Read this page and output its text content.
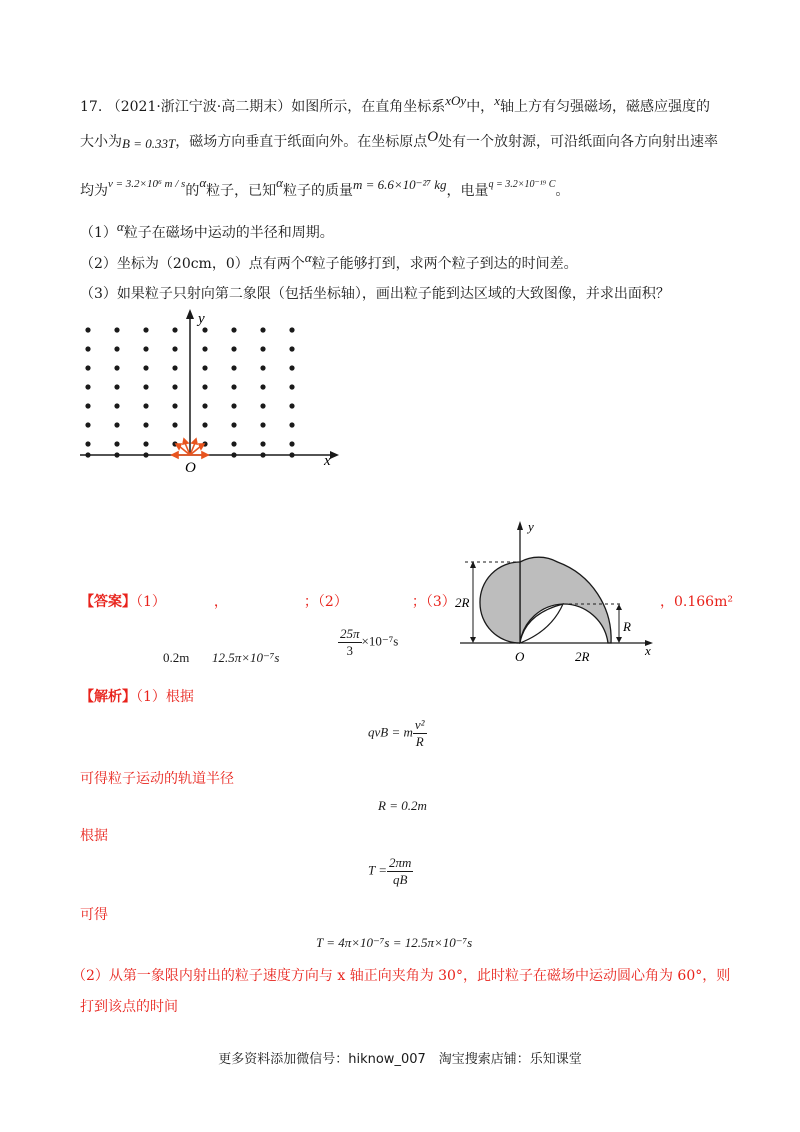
17. （2021·浙江宁波·高二期末）如图所示，在直角坐标系xOy中，x轴上方有匀强磁场，磁感应强度的
大小为B = 0.33T，磁场方向垂直于纸面向外。在坐标原点O处有一个放射源，可沿纸面向各方向射出速率
均为$^{v = 3.2\times 10^6 m / s}$的α粒子，已知α粒子的质量m = 6.6×10⁻²⁷ kg，电量$^{q = 3.2\times 10^{-19} C}$。
（1）α粒子在磁场中运动的半径和周期。
（2）坐标为（20cm，0）点有两个α粒子能够打到，求两个粒子到达的时间差。
（3）如果粒子只射向第二象限（包括坐标轴），画出粒子能到达区域的大致图像，并求出面积？
y
x
O
y
x
O
2R
R
2R
【答案】（1）	，	；（2）	；（3）	，0.166m²
0.2m 12.5π×10⁻⁷s	$\frac{25\pi}{3} \times 10^{-7}s$
【解析】（1）根据
qvB = m $\frac{\text{v²}}{R}$
可得粒子运动的轨道半径
R = 0.2m
根据
$T = \frac{2\pi m}{qB}$
可得
T = 4π×10⁻⁷s = 12.5π×10⁻⁷s
（2）从第一象限内射出的粒子速度方向与 x 轴正向夹角为 30°，此时粒子在磁场中运动圆心角为 60°，则
打到该点的时间
更多资料添加微信号：hiknow_007　淘宝搜索店铺：乐知课堂
